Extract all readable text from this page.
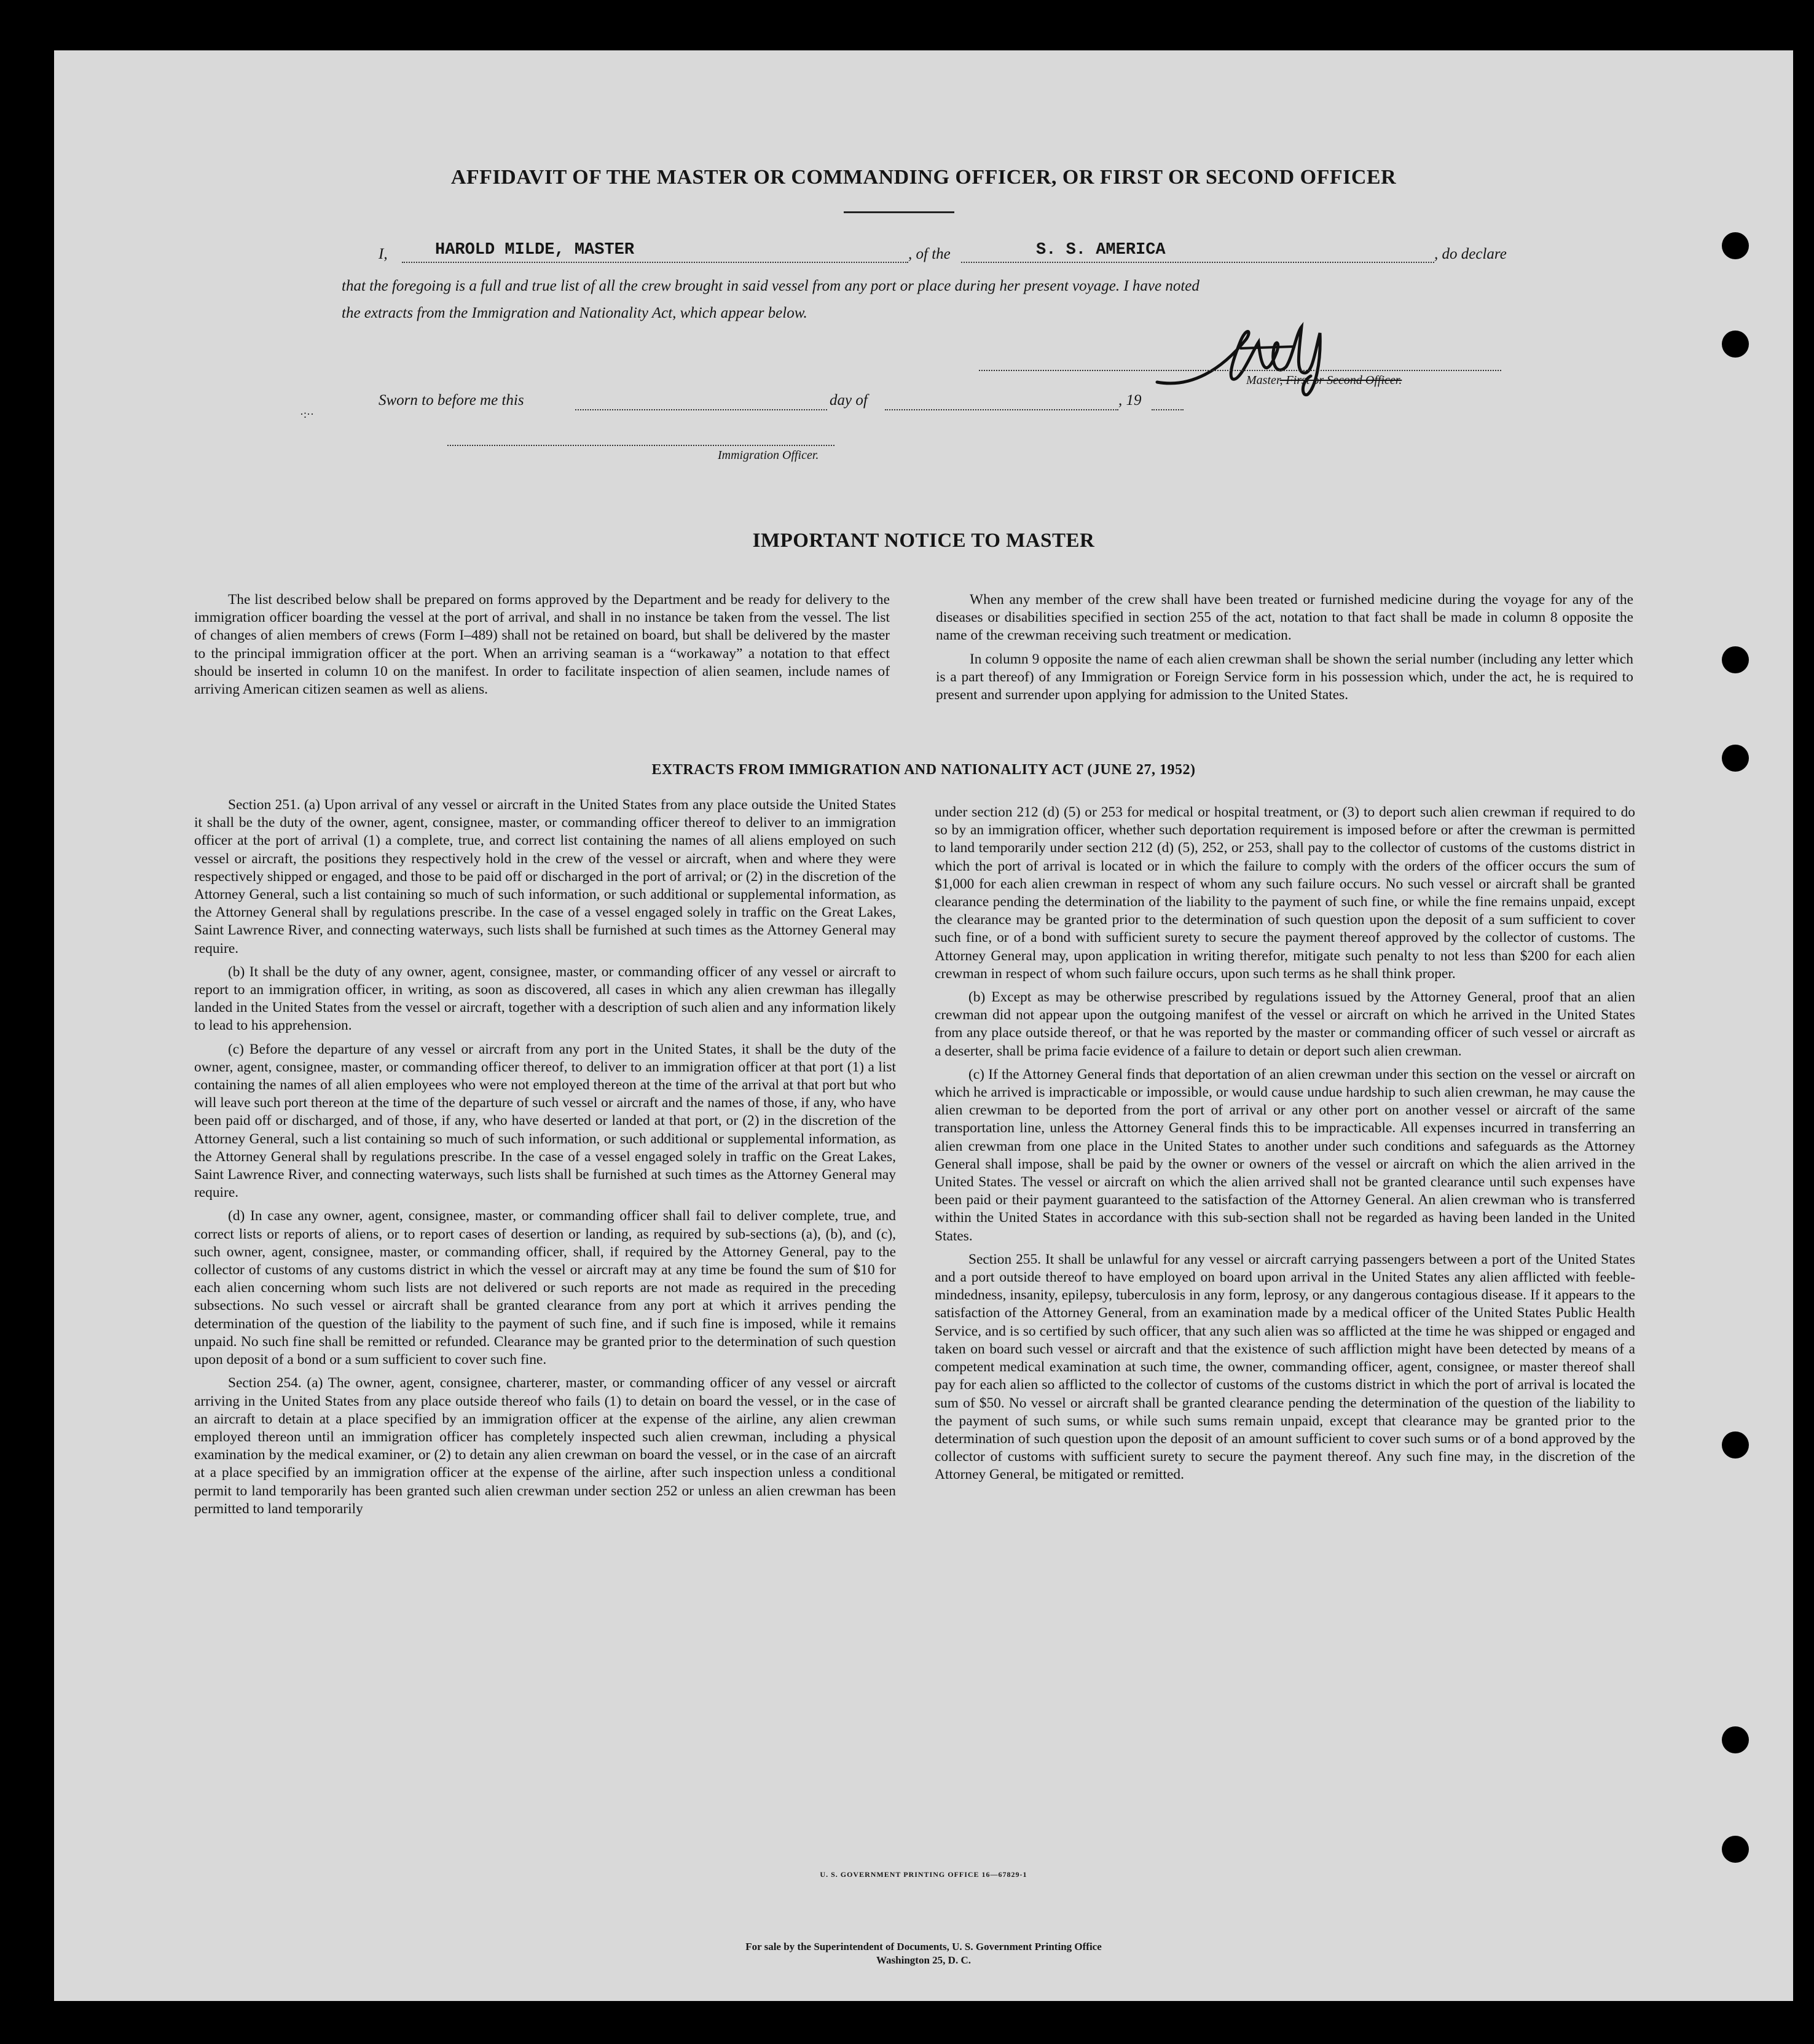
AFFIDAVIT OF THE MASTER OR COMMANDING OFFICER, OR FIRST OR SECOND OFFICER
I,	HAROLD MILDE, MASTER	, of the	S. S. AMERICA	, do declare
that the foregoing is a full and true list of all the crew brought in said vessel from any port or place during her present voyage. I have noted
the extracts from the Immigration and Nationality Act, which appear below.
Master, First or Second Officer.
·:··
Sworn to before me this	day of	, 19
Immigration Officer.
IMPORTANT NOTICE TO MASTER

The list described below shall be prepared on forms approved by the Department and be ready for delivery to the immigration officer boarding the vessel at the port of arrival, and shall in no instance be taken from the vessel. The list of changes of alien members of crews (Form I–489) shall not be retained on board, but shall be delivered by the master to the principal immigration officer at the port. When an arriving seaman is a “workaway” a notation to that effect should be inserted in column 10 on the manifest. In order to facilitate inspection of alien seamen, include names of arriving American citizen seamen as well as aliens.

When any member of the crew shall have been treated or furnished medicine during the voyage for any of the diseases or disabilities specified in section 255 of the act, notation to that fact shall be made in column 8 opposite the name of the crewman receiving such treatment or medication.

In column 9 opposite the name of each alien crewman shall be shown the serial number (including any letter which is a part thereof) of any Immigration or Foreign Service form in his possession which, under the act, he is required to present and surrender upon applying for admission to the United States.

EXTRACTS FROM IMMIGRATION AND NATIONALITY ACT (JUNE 27, 1952)

Section 251. (a) Upon arrival of any vessel or aircraft in the United States from any place outside the United States it shall be the duty of the owner, agent, consignee, master, or commanding officer thereof to deliver to an immigration officer at the port of arrival (1) a complete, true, and correct list containing the names of all aliens employed on such vessel or aircraft, the positions they respectively hold in the crew of the vessel or aircraft, when and where they were respectively shipped or engaged, and those to be paid off or discharged in the port of arrival; or (2) in the discretion of the Attorney General, such a list containing so much of such information, or such additional or supplemental information, as the Attorney General shall by regulations prescribe. In the case of a vessel engaged solely in traffic on the Great Lakes, Saint Lawrence River, and connecting waterways, such lists shall be furnished at such times as the Attorney General may require.

(b) It shall be the duty of any owner, agent, consignee, master, or commanding officer of any vessel or aircraft to report to an immigration officer, in writing, as soon as discovered, all cases in which any alien crewman has illegally landed in the United States from the vessel or aircraft, together with a description of such alien and any information likely to lead to his apprehension.

(c) Before the departure of any vessel or aircraft from any port in the United States, it shall be the duty of the owner, agent, consignee, master, or commanding officer thereof, to deliver to an immigration officer at that port (1) a list containing the names of all alien employees who were not employed thereon at the time of the arrival at that port but who will leave such port thereon at the time of the departure of such vessel or aircraft and the names of those, if any, who have been paid off or discharged, and of those, if any, who have deserted or landed at that port, or (2) in the discretion of the Attorney General, such a list containing so much of such information, or such additional or supplemental information, as the Attorney General shall by regulations prescribe. In the case of a vessel engaged solely in traffic on the Great Lakes, Saint Lawrence River, and connecting waterways, such lists shall be furnished at such times as the Attorney General may require.

(d) In case any owner, agent, consignee, master, or commanding officer shall fail to deliver complete, true, and correct lists or reports of aliens, or to report cases of desertion or landing, as required by sub-sections (a), (b), and (c), such owner, agent, consignee, master, or commanding officer, shall, if required by the Attorney General, pay to the collector of customs of any customs district in which the vessel or aircraft may at any time be found the sum of $10 for each alien concerning whom such lists are not delivered or such reports are not made as required in the preceding subsections. No such vessel or aircraft shall be granted clearance from any port at which it arrives pending the determination of the question of the liability to the payment of such fine, and if such fine is imposed, while it remains unpaid. No such fine shall be remitted or refunded. Clearance may be granted prior to the determination of such question upon deposit of a bond or a sum sufficient to cover such fine.

Section 254. (a) The owner, agent, consignee, charterer, master, or commanding officer of any vessel or aircraft arriving in the United States from any place outside thereof who fails (1) to detain on board the vessel, or in the case of an aircraft to detain at a place specified by an immigration officer at the expense of the airline, any alien crewman employed thereon until an immigration officer has completely inspected such alien crewman, including a physical examination by the medical examiner, or (2) to detain any alien crewman on board the vessel, or in the case of an aircraft at a place specified by an immigration officer at the expense of the airline, after such inspection unless a conditional permit to land temporarily has been granted such alien crewman under section 252 or unless an alien crewman has been permitted to land temporarily

under section 212 (d) (5) or 253 for medical or hospital treatment, or (3) to deport such alien crewman if required to do so by an immigration officer, whether such deportation requirement is imposed before or after the crewman is permitted to land temporarily under section 212 (d) (5), 252, or 253, shall pay to the collector of customs of the customs district in which the port of arrival is located or in which the failure to comply with the orders of the officer occurs the sum of $1,000 for each alien crewman in respect of whom any such failure occurs. No such vessel or aircraft shall be granted clearance pending the determination of the liability to the payment of such fine, or while the fine remains unpaid, except the clearance may be granted prior to the determination of such question upon the deposit of a sum sufficient to cover such fine, or of a bond with sufficient surety to secure the payment thereof approved by the collector of customs. The Attorney General may, upon application in writing therefor, mitigate such penalty to not less than $200 for each alien crewman in respect of whom such failure occurs, upon such terms as he shall think proper.

(b) Except as may be otherwise prescribed by regulations issued by the Attorney General, proof that an alien crewman did not appear upon the outgoing manifest of the vessel or aircraft on which he arrived in the United States from any place outside thereof, or that he was reported by the master or commanding officer of such vessel or aircraft as a deserter, shall be prima facie evidence of a failure to detain or deport such alien crewman.

(c) If the Attorney General finds that deportation of an alien crewman under this section on the vessel or aircraft on which he arrived is impracticable or impossible, or would cause undue hardship to such alien crewman, he may cause the alien crewman to be deported from the port of arrival or any other port on another vessel or aircraft of the same transportation line, unless the Attorney General finds this to be impracticable. All expenses incurred in transferring an alien crewman from one place in the United States to another under such conditions and safeguards as the Attorney General shall impose, shall be paid by the owner or owners of the vessel or aircraft on which the alien arrived in the United States. The vessel or aircraft on which the alien arrived shall not be granted clearance until such expenses have been paid or their payment guaranteed to the satisfaction of the Attorney General. An alien crewman who is transferred within the United States in accordance with this sub-section shall not be regarded as having been landed in the United States.

Section 255. It shall be unlawful for any vessel or aircraft carrying passengers between a port of the United States and a port outside thereof to have employed on board upon arrival in the United States any alien afflicted with feeble-mindedness, insanity, epilepsy, tuberculosis in any form, leprosy, or any dangerous contagious disease. If it appears to the satisfaction of the Attorney General, from an examination made by a medical officer of the United States Public Health Service, and is so certified by such officer, that any such alien was so afflicted at the time he was shipped or engaged and taken on board such vessel or aircraft and that the existence of such affliction might have been detected by means of a competent medical examination at such time, the owner, commanding officer, agent, consignee, or master thereof shall pay for each alien so afflicted to the collector of customs of the customs district in which the port of arrival is located the sum of $50. No vessel or aircraft shall be granted clearance pending the determination of the question of the liability to the payment of such sums, or while such sums remain unpaid, except that clearance may be granted prior to the determination of such question upon the deposit of an amount sufficient to cover such sums or of a bond approved by the collector of customs with sufficient surety to secure the payment thereof. Any such fine may, in the discretion of the Attorney General, be mitigated or remitted.

U. S. GOVERNMENT PRINTING OFFICE 16—67829-1
For sale by the Superintendent of Documents, U. S. Government Printing Office
Washington 25, D. C.
